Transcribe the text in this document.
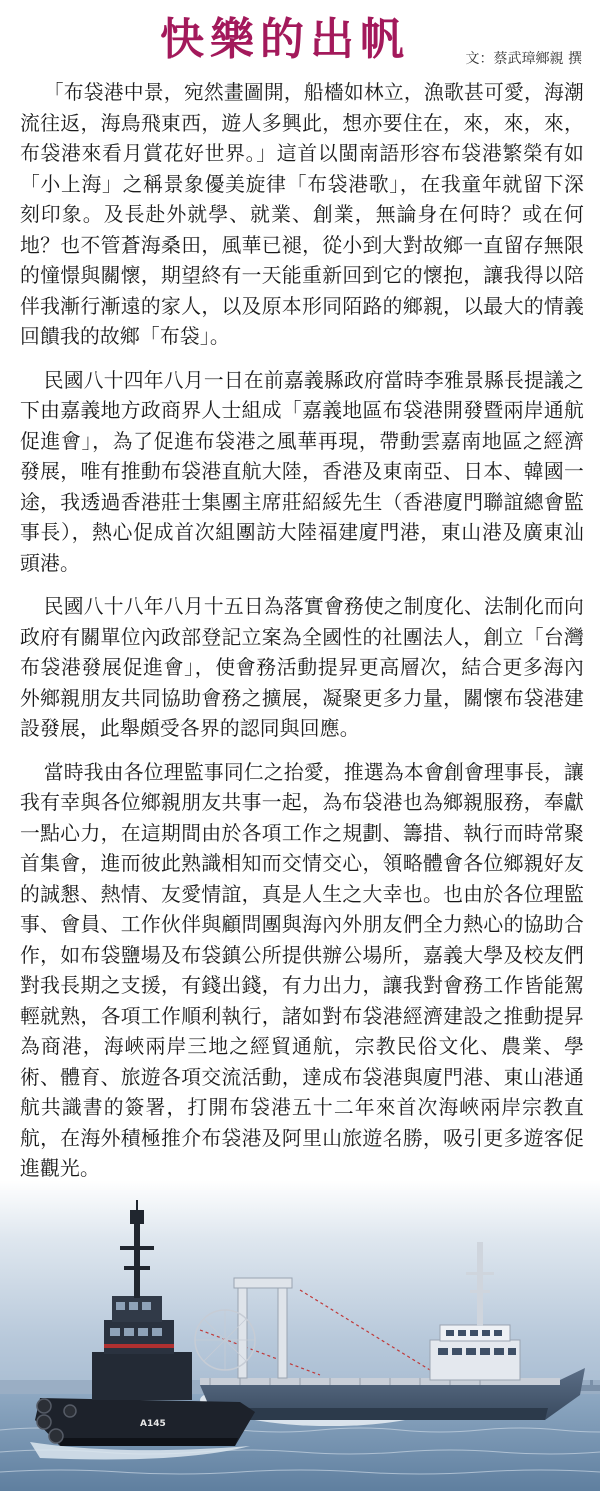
快樂的出帆	文：蔡武璋鄉親 撰

「布袋港中景，宛然畫圖開，船檣如林立，漁歌甚可愛，海潮流往返，海鳥飛東西，遊人多興此，想亦要住在，來，來，來，布袋港來看月賞花好世界。」這首以閩南語形容布袋港繁榮有如「小上海」之稱景象優美旋律「布袋港歌」，在我童年就留下深刻印象。及長赴外就學、就業、創業，無論身在何時？或在何地？也不管蒼海桑田，風華已褪，從小到大對故鄉一直留存無限的憧憬與關懷，期望終有一天能重新回到它的懷抱，讓我得以陪伴我漸行漸遠的家人，以及原本形同陌路的鄉親，以最大的情義回饋我的故鄉「布袋」。

民國八十四年八月一日在前嘉義縣政府當時李雅景縣長提議之下由嘉義地方政商界人士組成「嘉義地區布袋港開發暨兩岸通航促進會」，為了促進布袋港之風華再現，帶動雲嘉南地區之經濟發展，唯有推動布袋港直航大陸，香港及東南亞、日本、韓國一途，我透過香港莊士集團主席莊紹綏先生（香港廈門聯誼總會監事長），熱心促成首次組團訪大陸福建廈門港，東山港及廣東汕頭港。

民國八十八年八月十五日為落實會務使之制度化、法制化而向政府有關單位內政部登記立案為全國性的社團法人，創立「台灣布袋港發展促進會」，使會務活動提昇更高層次，結合更多海內外鄉親朋友共同協助會務之擴展，凝聚更多力量，關懷布袋港建設發展，此舉頗受各界的認同與回應。

當時我由各位理監事同仁之抬愛，推選為本會創會理事長，讓我有幸與各位鄉親朋友共事一起，為布袋港也為鄉親服務，奉獻一點心力，在這期間由於各項工作之規劃、籌措、執行而時常聚首集會，進而彼此熟識相知而交情交心，領略體會各位鄉親好友的誠懇、熱情、友愛情誼，真是人生之大幸也。也由於各位理監事、會員、工作伙伴與顧問團與海內外朋友們全力熱心的協助合作，如布袋鹽場及布袋鎮公所提供辦公場所，嘉義大學及校友們對我長期之支援，有錢出錢，有力出力，讓我對會務工作皆能駕輕就熟，各項工作順利執行，諸如對布袋港經濟建設之推動提昇為商港，海峽兩岸三地之經貿通航，宗教民俗文化、農業、學術、體育、旅遊各項交流活動，達成布袋港與廈門港、東山港通航共識書的簽署，打開布袋港五十二年來首次海峽兩岸宗教直航，在海外積極推介布袋港及阿里山旅遊名勝，吸引更多遊客促進觀光。

A145
